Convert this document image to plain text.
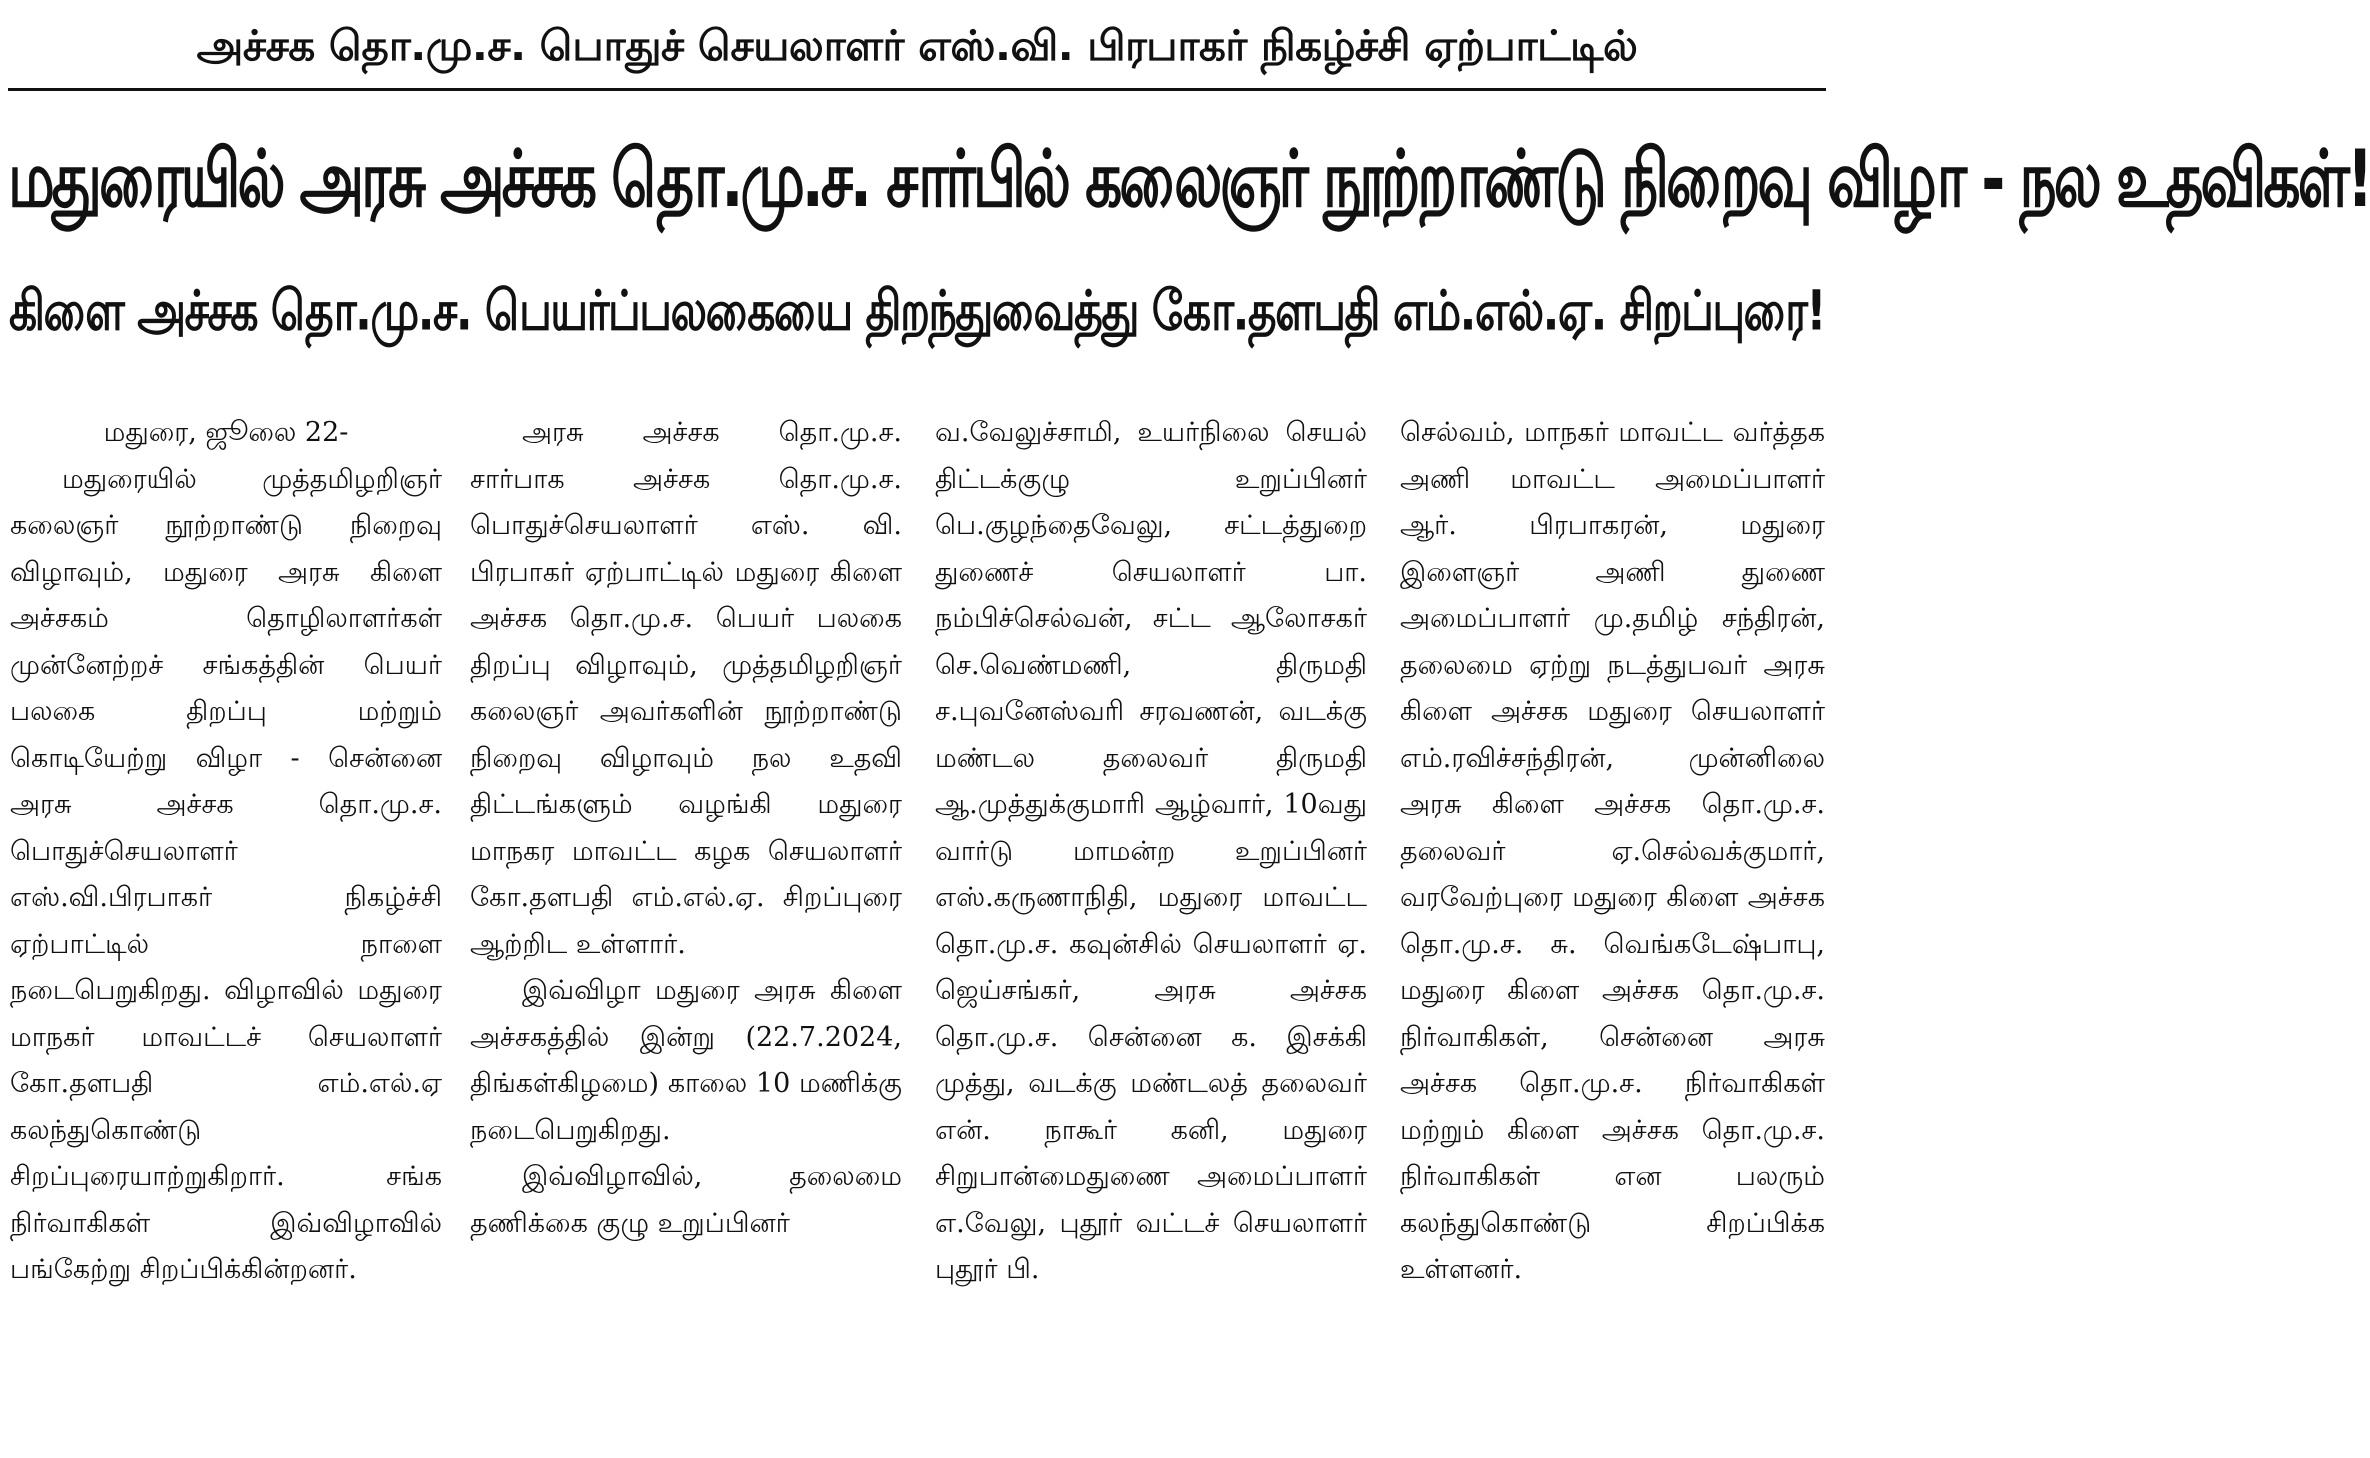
அச்சக தொ.மு.ச. பொதுச் செயலாளர் எஸ்.வி. பிரபாகர் நிகழ்ச்சி ஏற்பாட்டில்
மதுரையில் அரசு அச்சக தொ.மு.ச. சார்பில் கலைஞர் நூற்றாண்டு நிறைவு விழா - நல உதவிகள்!
கிளை அச்சக தொ.மு.ச. பெயர்ப்பலகையை திறந்துவைத்து கோ.தளபதி எம்.எல்.ஏ. சிறப்புரை!

மதுரை, ஜூலை 22-

மதுரையில் முத்தமிழறிஞர் கலைஞர் நூற்றாண்டு நிறைவு விழாவும், மதுரை அரசு கிளை அச்சகம் தொழிலாளர்கள் முன்னேற்றச் சங்கத்தின் பெயர் பலகை திறப்பு மற்றும் கொடியேற்று விழா - சென்னை அரசு அச்சக தொ.மு.ச. பொதுச்செயலாளர் எஸ்.வி.பிரபாகர் நிகழ்ச்சி ஏற்பாட்டில் நாளை நடைபெறுகிறது. விழாவில் மதுரை மாநகர் மாவட்டச் செயலாளர் கோ.தளபதி எம்.எல்.ஏ கலந்துகொண்டு சிறப்புரையாற்றுகிறார். சங்க நிர்வாகிகள் இவ்விழாவில் பங்கேற்று சிறப்பிக்கின்றனர்.

அரசு அச்சக தொ.மு.ச. சார்பாக அச்சக தொ.மு.ச. பொதுச்செயலாளர் எஸ். வி. பிரபாகர் ஏற்பாட்டில் மதுரை கிளை அச்சக தொ.மு.ச. பெயர் பலகை திறப்பு விழாவும், முத்தமிழறிஞர் கலைஞர் அவர்களின் நூற்றாண்டு நிறைவு விழாவும் நல உதவி திட்டங்களும் வழங்கி மதுரை மாநகர மாவட்ட கழக செயலாளர் கோ.தளபதி எம்.எல்.ஏ. சிறப்புரை ஆற்றிட உள்ளார்.

இவ்விழா மதுரை அரசு கிளை அச்சகத்தில் இன்று (22.7.2024, திங்கள்கிழமை) காலை 10 மணிக்கு நடைபெறுகிறது.

இவ்விழாவில், தலைமை தணிக்கை குழு உறுப்பினர்

வ.வேலுச்சாமி, உயர்நிலை செயல் திட்டக்குழு உறுப்பினர் பெ.குழந்தைவேலு, சட்டத்துறை துணைச் செயலாளர் பா. நம்பிச்செல்வன், சட்ட ஆலோசகர் செ.வெண்மணி, திருமதி ச.புவனேஸ்வரி சரவணன், வடக்கு மண்டல தலைவர் திருமதி ஆ.முத்துக்குமாரி ஆழ்வார், 10வது வார்டு மாமன்ற உறுப்பினர் எஸ்.கருணாநிதி, மதுரை மாவட்ட தொ.மு.ச. கவுன்சில் செயலாளர் ஏ. ஜெய்சங்கர், அரசு அச்சக தொ.மு.ச. சென்னை க. இசக்கி முத்து, வடக்கு மண்டலத் தலைவர் என். நாகூர் கனி, மதுரை சிறுபான்மைதுணை அமைப்பாளர் எ.வேலு, புதூர் வட்டச் செயலாளர் புதூர் பி.

செல்வம், மாநகர் மாவட்ட வர்த்தக அணி மாவட்ட அமைப்பாளர் ஆர். பிரபாகரன், மதுரை இளைஞர் அணி துணை அமைப்பாளர் மு.தமிழ் சந்திரன், தலைமை ஏற்று நடத்துபவர் அரசு கிளை அச்சக மதுரை செயலாளர் எம்.ரவிச்சந்திரன், முன்னிலை அரசு கிளை அச்சக தொ.மு.ச. தலைவர் ஏ.செல்வக்குமார், வரவேற்புரை மதுரை கிளை அச்சக தொ.மு.ச. சு. வெங்கடேஷ்பாபு, மதுரை கிளை அச்சக தொ.மு.ச. நிர்வாகிகள், சென்னை அரசு அச்சக தொ.மு.ச. நிர்வாகிகள் மற்றும் கிளை அச்சக தொ.மு.ச. நிர்வாகிகள் என பலரும் கலந்துகொண்டு சிறப்பிக்க உள்ளனர்.
